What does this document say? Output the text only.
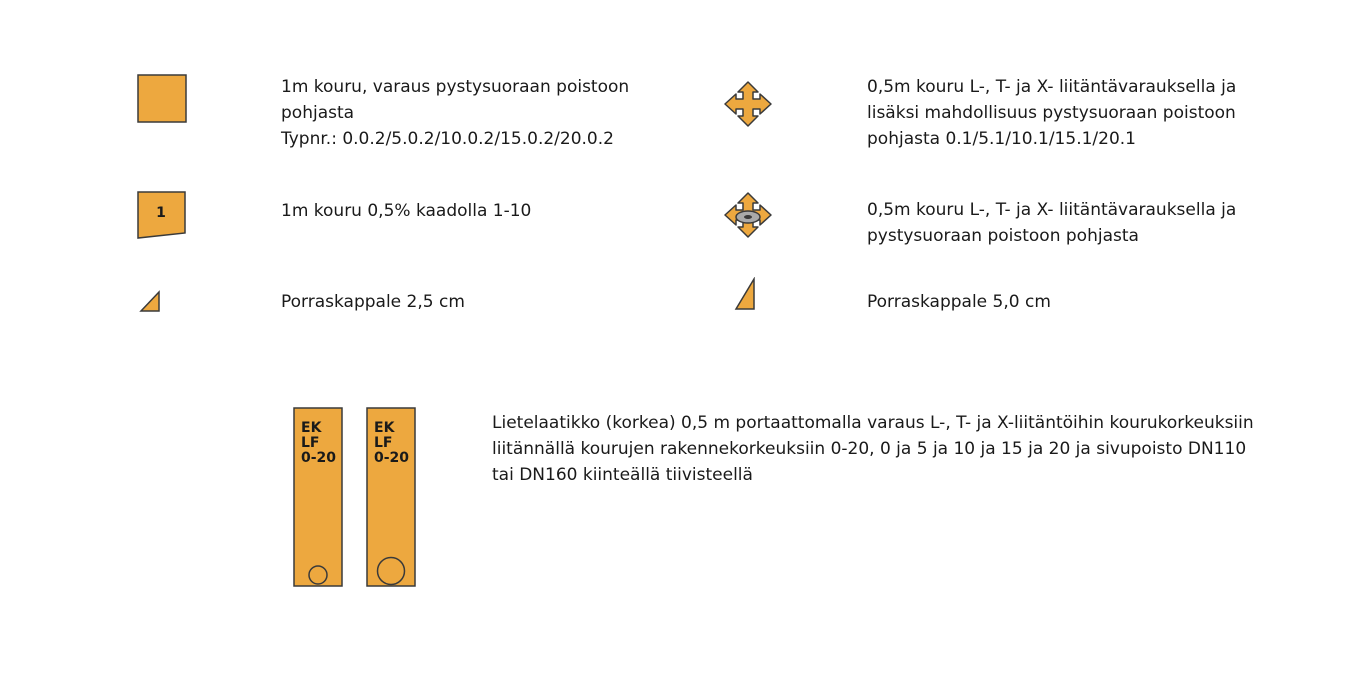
1
1m kouru, varaus pystysuoraan poistoon
pohjasta
Typnr.: 0.0.2/5.0.2/10.0.2/15.0.2/20.0.2
1m kouru 0,5% kaadolla 1-10
Porraskappale 2,5 cm
0,5m kouru L-, T- ja X- liitäntävarauksella ja
lisäksi mahdollisuus pystysuoraan poistoon
pohjasta 0.1/5.1/10.1/15.1/20.1
0,5m kouru L-, T- ja X- liitäntävarauksella ja
pystysuoraan poistoon pohjasta
Porraskappale 5,0 cm
EK
LF
0-20
EK
LF
0-20
Lietelaatikko (korkea) 0,5 m portaattomalla varaus L-, T- ja X-liitäntöihin kourukorkeuksiin
liitännällä kourujen rakennekorkeuksiin 0-20, 0 ja 5 ja 10 ja 15 ja 20 ja sivupoisto DN110
tai DN160 kiinteällä tiivisteellä
